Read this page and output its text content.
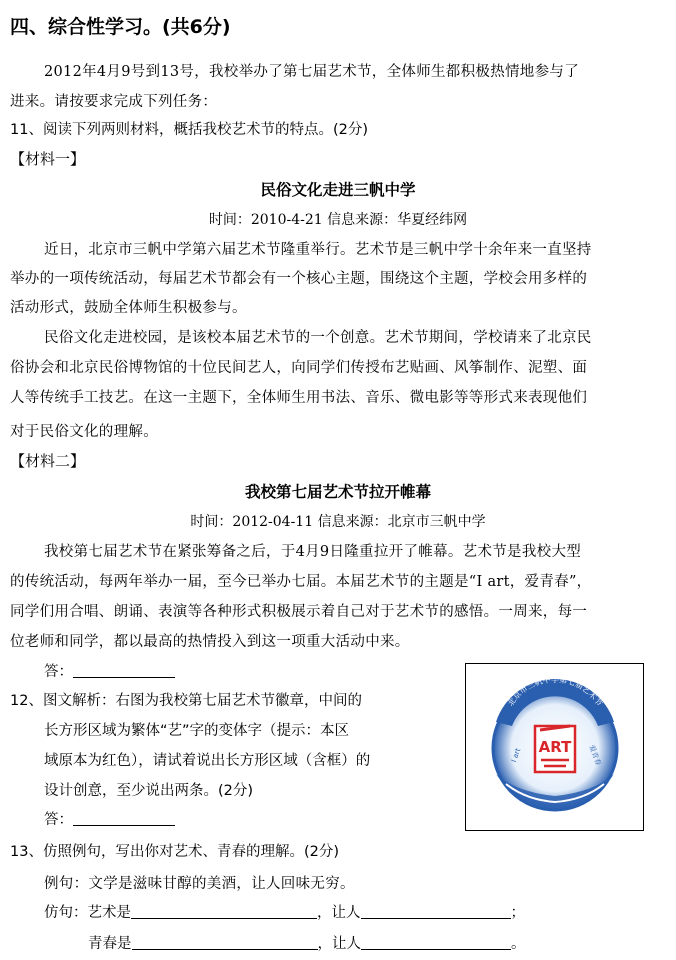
四、综合性学习。(共6分)
2012年4月9号到13号，我校举办了第七届艺术节，全体师生都积极热情地参与了
进来。请按要求完成下列任务：
11、阅读下列两则材料，概括我校艺术节的特点。(2分)
【材料一】
民俗文化走进三帆中学
时间：2010-4-21 信息来源：华夏经纬网
近日，北京市三帆中学第六届艺术节隆重举行。艺术节是三帆中学十余年来一直坚持
举办的一项传统活动，每届艺术节都会有一个核心主题，围绕这个主题，学校会用多样的
活动形式，鼓励全体师生积极参与。
民俗文化走进校园，是该校本届艺术节的一个创意。艺术节期间，学校请来了北京民
俗协会和北京民俗博物馆的十位民间艺人，向同学们传授布艺贴画、风筝制作、泥塑、面
人等传统手工技艺。在这一主题下，全体师生用书法、音乐、微电影等等形式来表现他们
对于民俗文化的理解。
【材料二】
我校第七届艺术节拉开帷幕
时间：2012-04-11 信息来源：北京市三帆中学
我校第七届艺术节在紧张筹备之后，于4月9日隆重拉开了帷幕。艺术节是我校大型
的传统活动，每两年举办一届，至今已举办七届。本届艺术节的主题是“I art，爱青春”，
同学们用合唱、朗诵、表演等各种形式积极展示着自己对于艺术节的感悟。一周来，每一
位老师和同学，都以最高的热情投入到这一项重大活动中来。
答：
12、图文解析：右图为我校第七届艺术节徽章，中间的
长方形区域为繁体“艺”字的变体字（提示：本区
域原本为红色），请试着说出长方形区域（含框）的
设计创意，至少说出两条。(2分)
答：
北京市三帆中学第七届艺术节
ART
I art	爱青春
13、仿照例句，写出你对艺术、青春的理解。(2分)
例句：文学是滋味甘醇的美酒，让人回味无穷。
仿句：艺术是	，让人	；
青春是	，让人	。
